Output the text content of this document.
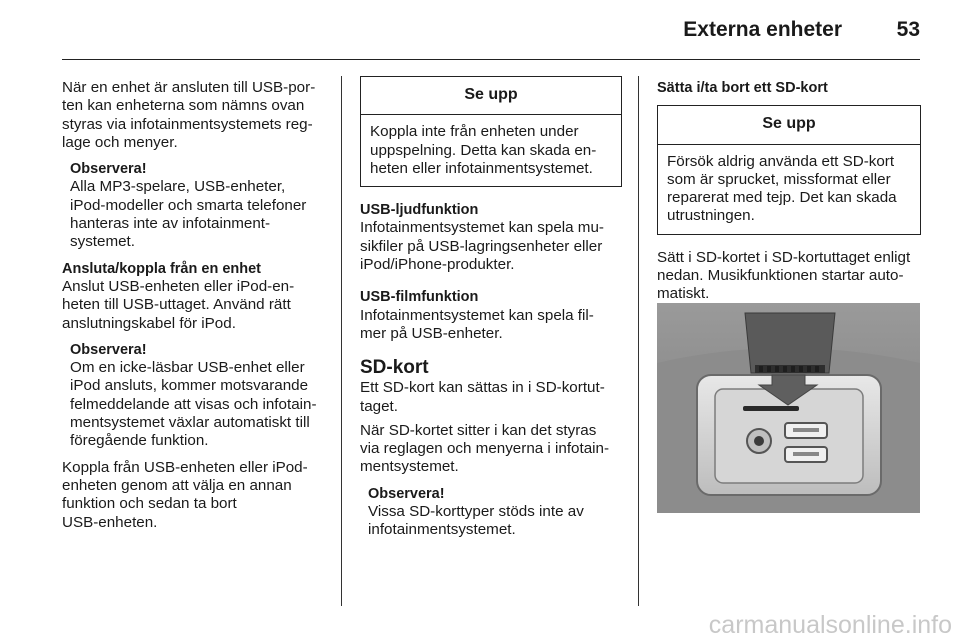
Externa enheter	53

När en enhet är ansluten till USB-por-
ten kan enheterna som nämns ovan
styras via infotainmentsystemets reg-
lage och menyer.

Observera!

Alla MP3-spelare, USB-enheter,
iPod-modeller och smarta telefoner
hanteras inte av infotainment-
systemet.

Ansluta/koppla från en enhet

Anslut USB-enheten eller iPod-en-
heten till USB-uttaget. Använd rätt
anslutningskabel för iPod.

Observera!

Om en icke-läsbar USB-enhet eller
iPod ansluts, kommer motsvarande
felmeddelande att visas och infotain-
mentsystemet växlar automatiskt till
föregående funktion.

Koppla från USB-enheten eller iPod-
enheten genom att välja en annan
funktion och sedan ta bort
USB-enheten.

Se upp
Koppla inte från enheten under
uppspelning. Detta kan skada en-
heten eller infotainmentsystemet.

USB-ljudfunktion

Infotainmentsystemet kan spela mu-
sikfiler på USB-lagringsenheter eller
iPod/iPhone-produkter.

USB-filmfunktion

Infotainmentsystemet kan spela fil-
mer på USB-enheter.

SD-kort

Ett SD-kort kan sättas in i SD-kortut-
taget.

När SD-kortet sitter i kan det styras
via reglagen och menyerna i infotain-
mentsystemet.

Observera!

Vissa SD-korttyper stöds inte av
infotainmentsystemet.

Sätta i/ta bort ett SD-kort

Se upp
Försök aldrig använda ett SD-kort
som är sprucket, missformat eller
reparerat med tejp. Det kan skada
utrustningen.

Sätt i SD-kortet i SD-kortuttaget enligt
nedan. Musikfunktionen startar auto-
matiskt.

carmanualsonline.info
